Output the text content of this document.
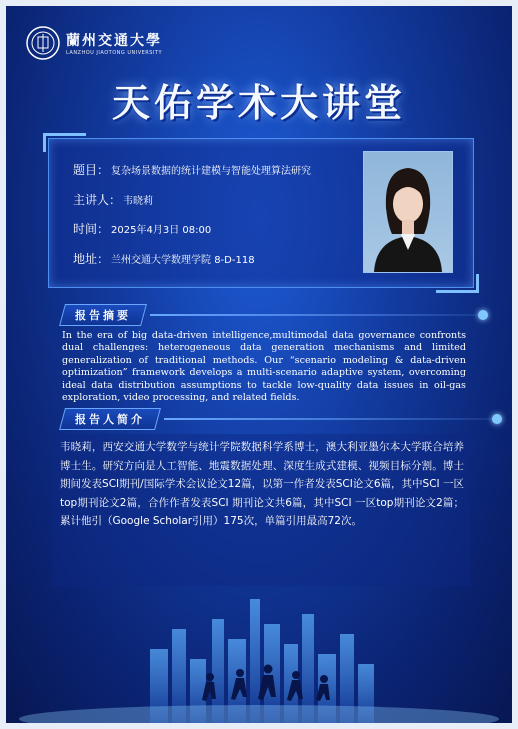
蘭州交通大學
LANZHOU JIAOTONG UNIVERSITY
天佑学术大讲堂
题目： 复杂场景数据的统计建模与智能处理算法研究
主讲人： 韦晓莉
时间： 2025年4月3日 08:00
地址： 兰州交通大学数理学院 8-D-118
报告摘要
In the era of big data-driven intelligence,multimodal data governance confronts dual challenges: heterogeneous data generation mechanisms and limited generalization of traditional methods. Our “scenario modeling & data-driven optimization” framework develops a multi-scenario adaptive system, overcoming ideal data distribution assumptions to tackle low-quality data issues in oil-gas exploration, video processing, and related fields.
报告人简介
韦晓莉，西安交通大学数学与统计学院数据科学系博士，澳大利亚墨尔本大学联合培养博士生。研究方向是人工智能、地震数据处理、深度生成式建模、视频目标分割。博士期间发表SCI期刊/国际学术会议论文12篇，以第一作者发表SCI论文6篇，其中SCI 一区top期刊论文2篇，合作作者发表SCI 期刊论文共6篇，其中SCI 一区top期刊论文2篇；累计他引（Google Scholar引用）175次，单篇引用最高72次。
